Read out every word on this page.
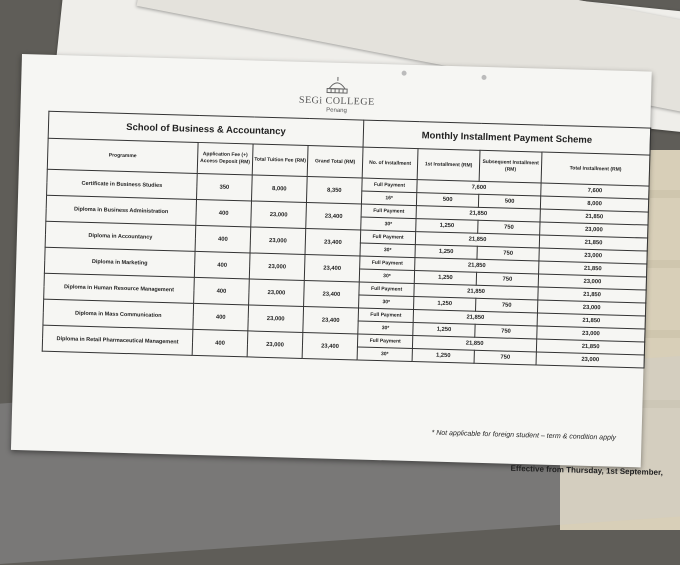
SEGi COLLEGE
Penang
School of Business & Accountancy				Monthly Installment Payment Scheme			
Programme	Application Fee (+) Access Deposit (RM)	Total Tuition Fee (RM)	Grand Total (RM)	No. of Installment	1st Installment (RM)	Subsequent Installment (RM)	Total Installment (RM)
Certificate in Business Studies	350	8,000	8,350	Full Payment	7,600		7,600
				16*	500	500	8,000
Diploma in Business Administration	400	23,000	23,400	Full Payment	21,850		21,850
				30*	1,250	750	23,000
Diploma in Accountancy	400	23,000	23,400	Full Payment	21,850		21,850
				30*	1,250	750	23,000
Diploma in Marketing	400	23,000	23,400	Full Payment	21,850		21,850
				30*	1,250	750	23,000
Diploma in Human Resource Management	400	23,000	23,400	Full Payment	21,850		21,850
				30*	1,250	750	23,000
Diploma in Mass Communication	400	23,000	23,400	Full Payment	21,850		21,850
				30*	1,250	750	23,000
Diploma in Retail Pharmaceutical Management	400	23,000	23,400	Full Payment	21,850		21,850
				30*	1,250	750	23,000
* Not applicable for foreign student – term & condition apply
Effective from Thursday, 1st September,
